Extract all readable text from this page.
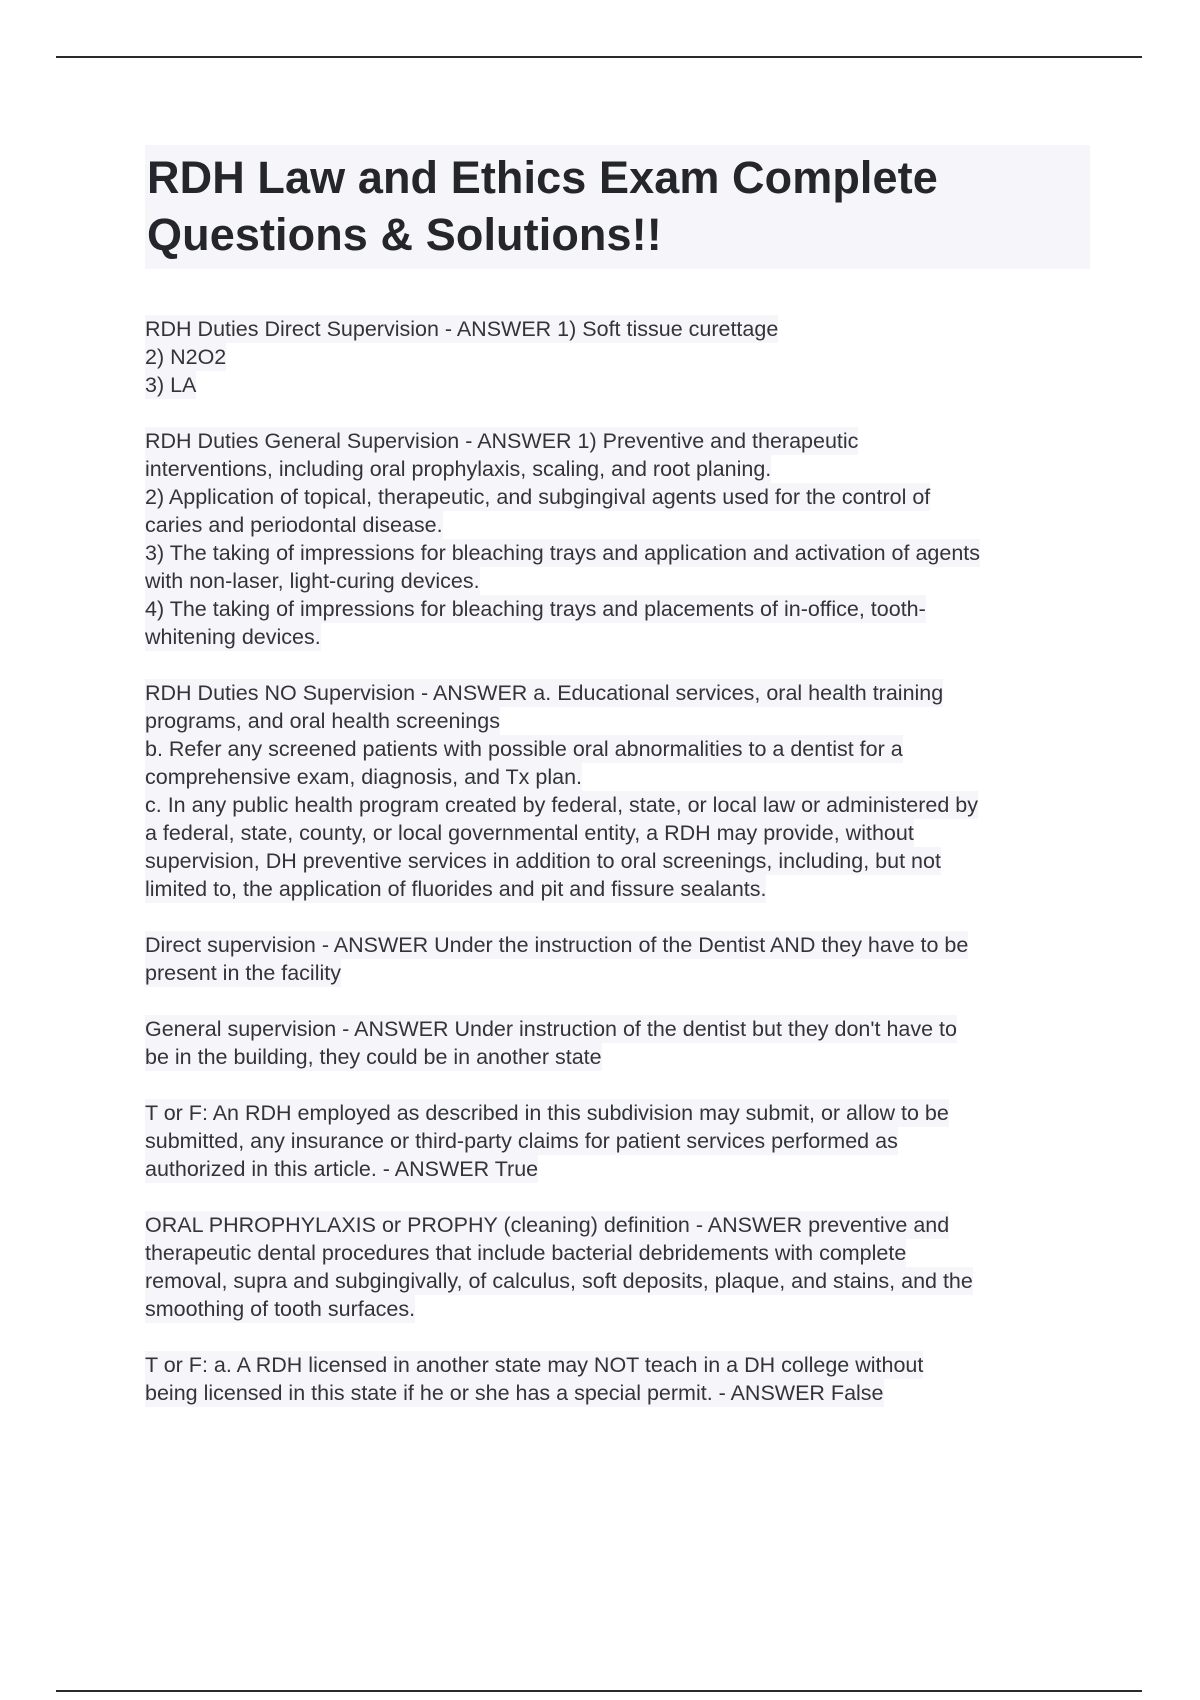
RDH Law and Ethics Exam Complete
Questions & Solutions!!
RDH Duties Direct Supervision - ANSWER 1) Soft tissue curettage
2) N2O2
3) LA
RDH Duties General Supervision - ANSWER 1) Preventive and therapeutic
interventions, including oral prophylaxis, scaling, and root planing.
2) Application of topical, therapeutic, and subgingival agents used for the control of
caries and periodontal disease.
3) The taking of impressions for bleaching trays and application and activation of agents
with non-laser, light-curing devices.
4) The taking of impressions for bleaching trays and placements of in-office, tooth-
whitening devices.
RDH Duties NO Supervision - ANSWER a. Educational services, oral health training
programs, and oral health screenings
b. Refer any screened patients with possible oral abnormalities to a dentist for a
comprehensive exam, diagnosis, and Tx plan.
c. In any public health program created by federal, state, or local law or administered by
a federal, state, county, or local governmental entity, a RDH may provide, without
supervision, DH preventive services in addition to oral screenings, including, but not
limited to, the application of fluorides and pit and fissure sealants.
Direct supervision - ANSWER Under the instruction of the Dentist AND they have to be
present in the facility
General supervision - ANSWER Under instruction of the dentist but they don't have to
be in the building, they could be in another state
T or F: An RDH employed as described in this subdivision may submit, or allow to be
submitted, any insurance or third-party claims for patient services performed as
authorized in this article. - ANSWER True
ORAL PHROPHYLAXIS or PROPHY (cleaning) definition - ANSWER preventive and
therapeutic dental procedures that include bacterial debridements with complete
removal, supra and subgingivally, of calculus, soft deposits, plaque, and stains, and the
smoothing of tooth surfaces.
T or F: a. A RDH licensed in another state may NOT teach in a DH college without
being licensed in this state if he or she has a special permit. - ANSWER False
